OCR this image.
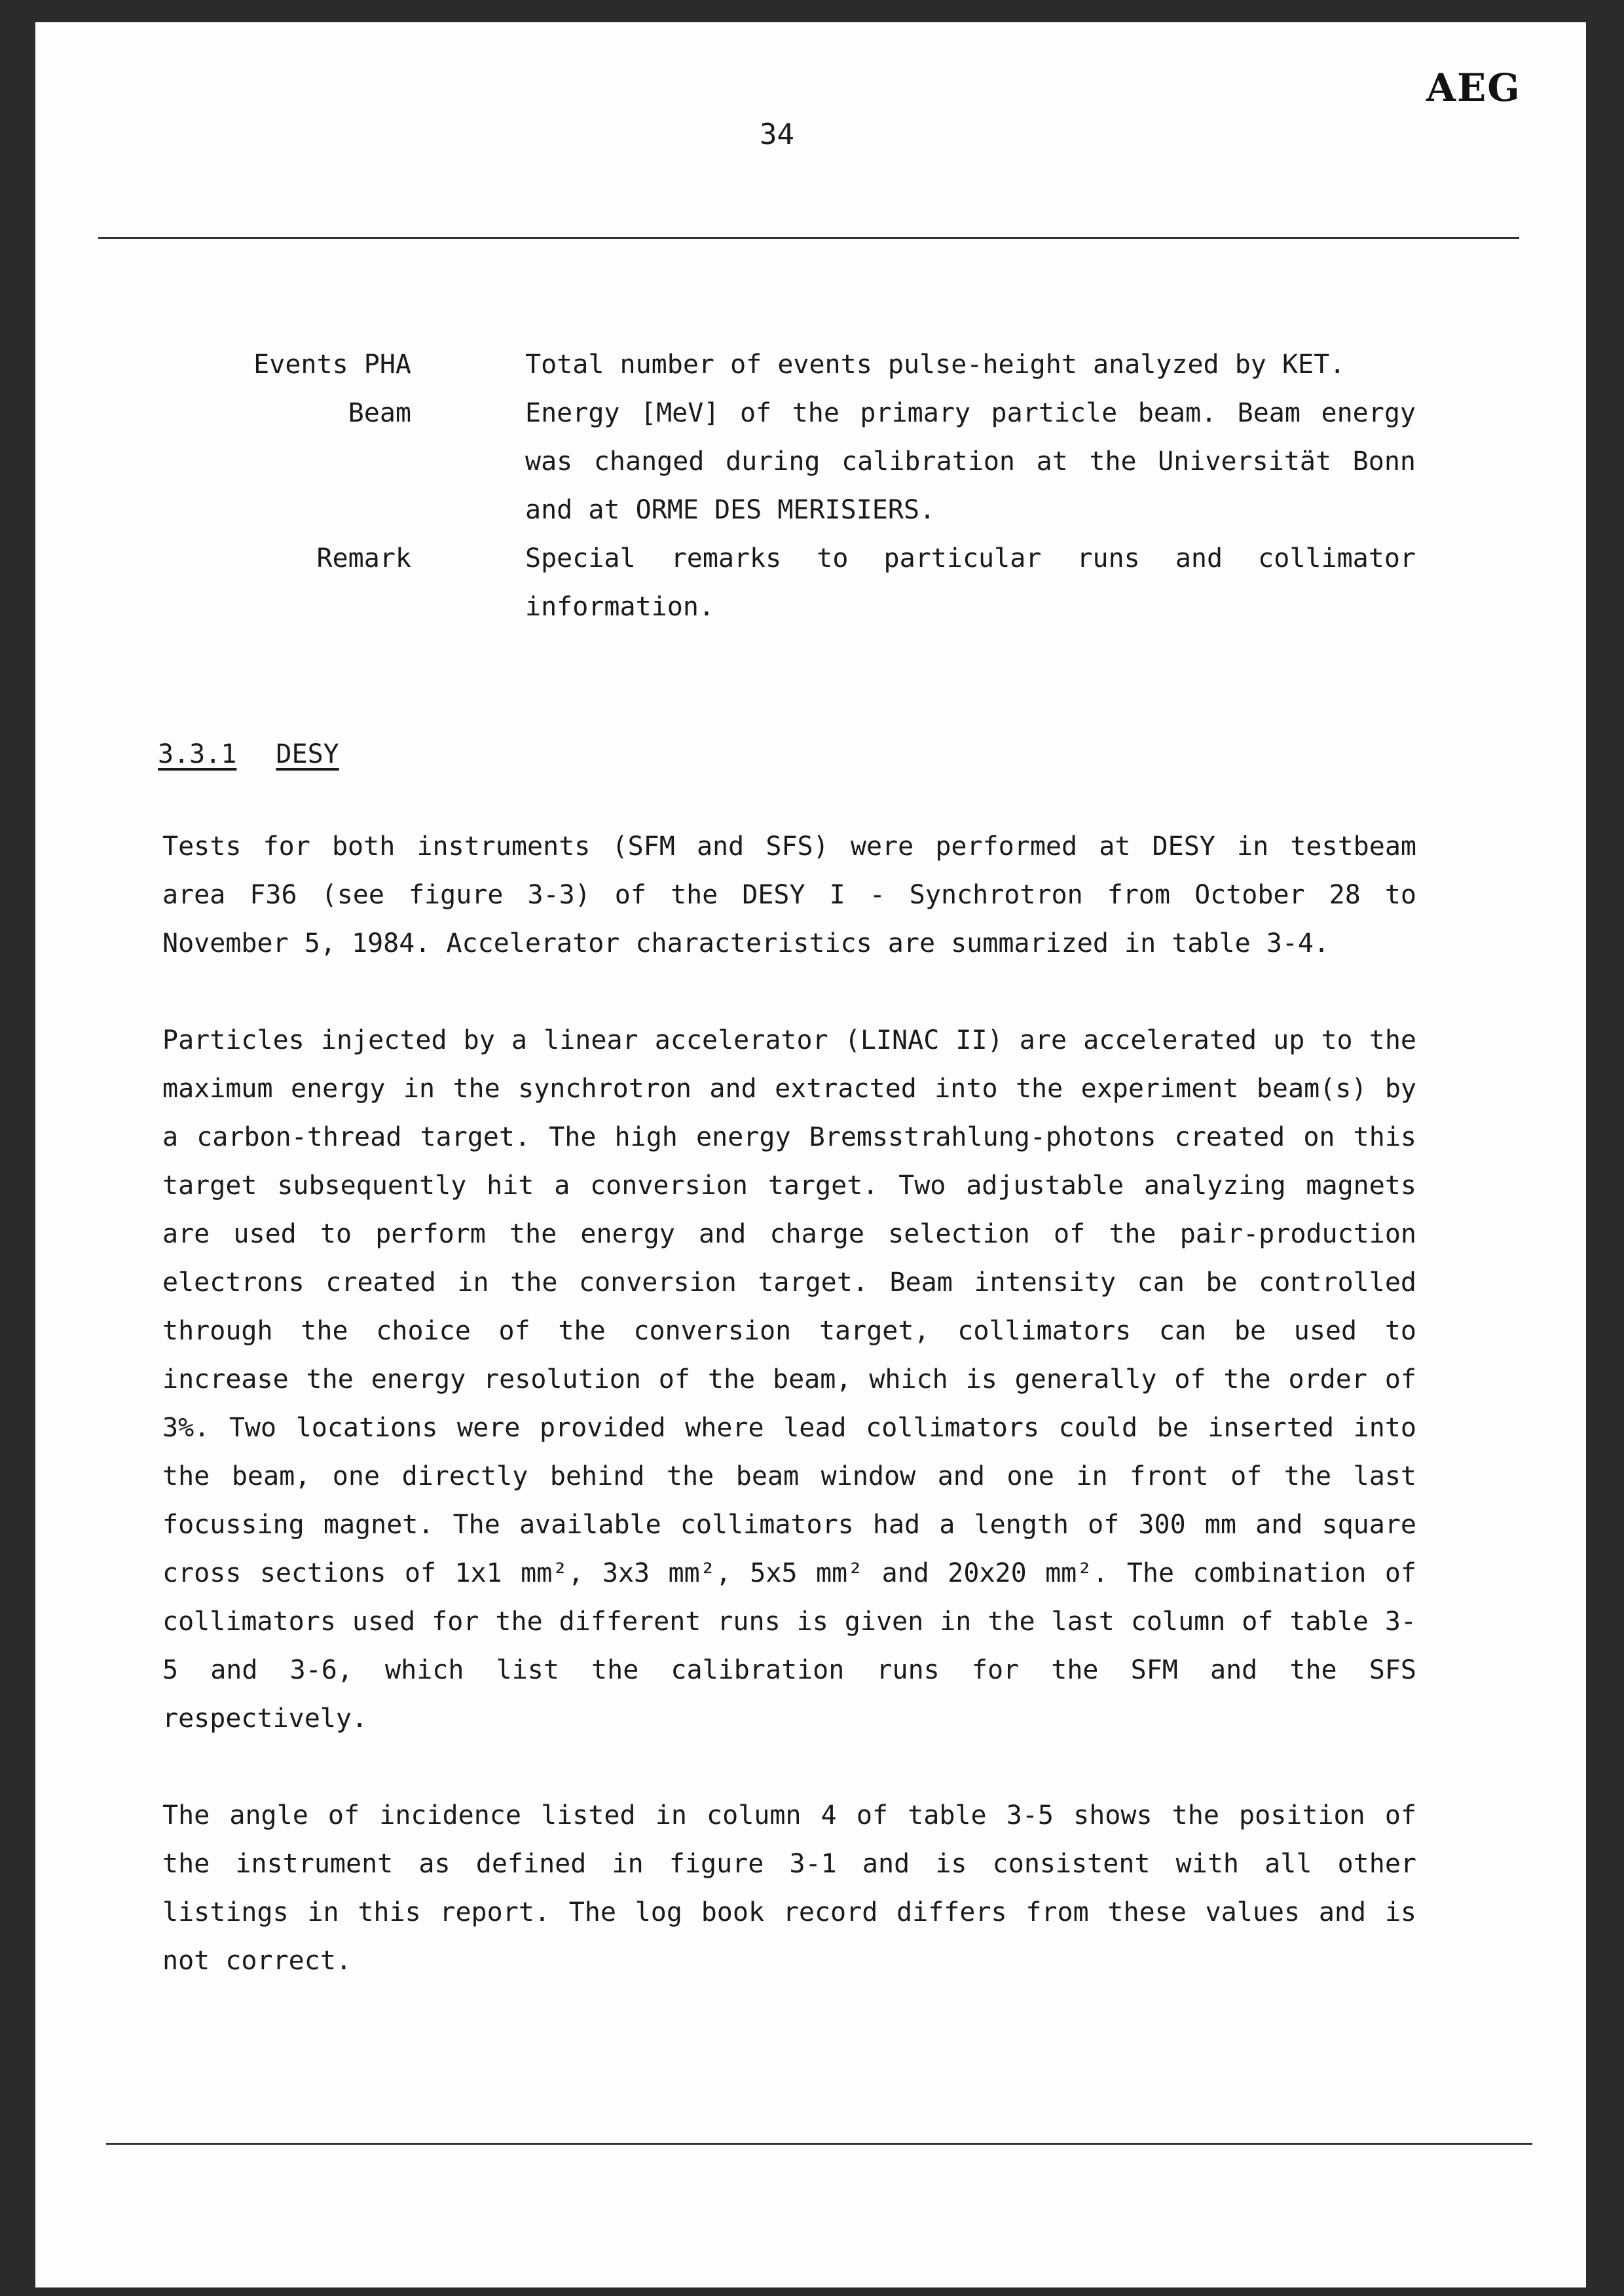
AEG
34
Events PHA	Total number of events pulse-height analyzed by KET.
Beam	Energy [MeV] of the primary particle beam. Beam energy was changed during calibration at the Universität Bonn and at ORME DES MERISIERS.
Remark	Special remarks to particular runs and collimator information.
3.3.1 DESY

Tests for both instruments (SFM and SFS) were performed at DESY in testbeam area F36 (see figure 3-3) of the DESY I - Synchrotron from October 28 to November 5, 1984. Accelerator characteristics are summarized in table 3-4.

Particles injected by a linear accelerator (LINAC II) are accelerated up to the maximum energy in the synchrotron and extracted into the experiment beam(s) by a carbon-thread target. The high energy Bremsstrahlung-photons created on this target subsequently hit a conversion target. Two adjustable analyzing magnets are used to perform the energy and charge selection of the pair-production electrons created in the conversion target. Beam intensity can be controlled through the choice of the conversion target, collimators can be used to increase the energy resolution of the beam, which is generally of the order of 3%. Two locations were provided where lead collimators could be inserted into the beam, one directly behind the beam window and one in front of the last focussing magnet. The available collimators had a length of 300 mm and square cross sections of 1x1 mm², 3x3 mm², 5x5 mm² and 20x20 mm². The combination of collimators used for the different runs is given in the last column of table 3-5 and 3-6, which list the calibration runs for the SFM and the SFS respectively.

The angle of incidence listed in column 4 of table 3-5 shows the position of the instrument as defined in figure 3-1 and is consistent with all other listings in this report. The log book record differs from these values and is not correct.
